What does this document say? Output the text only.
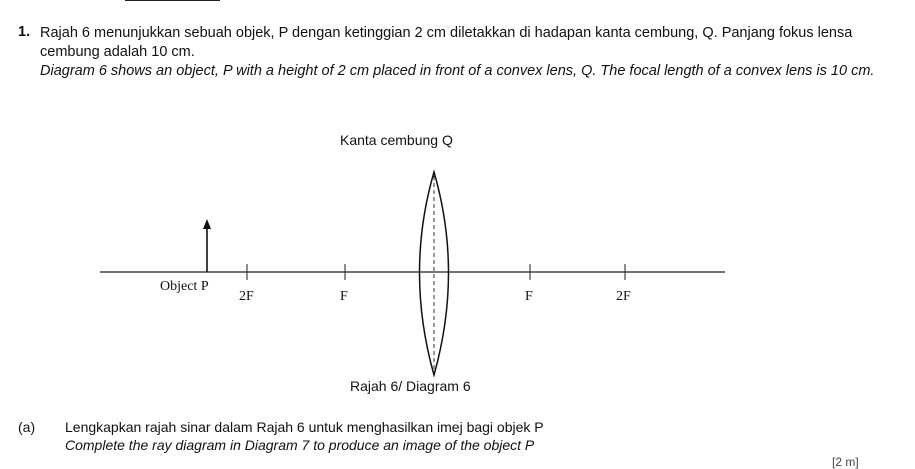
1. Rajah 6 menunjukkan sebuah objek, P dengan ketinggian 2 cm diletakkan di hadapan kanta cembung, Q. Panjang fokus lensa cembung adalah 10 cm.
Diagram 6 shows an object, P with a height of 2 cm placed in front of a convex lens, Q. The focal length of a convex lens is 10 cm.

Kanta cembung Q
Object P
2F	F	F	2F
Rajah 6/ Diagram 6
(a) Lengkapkan rajah sinar dalam Rajah 6 untuk menghasilkan imej bagi objek P
Complete the ray diagram in Diagram 7 to produce an image of the object P
[2 m]
